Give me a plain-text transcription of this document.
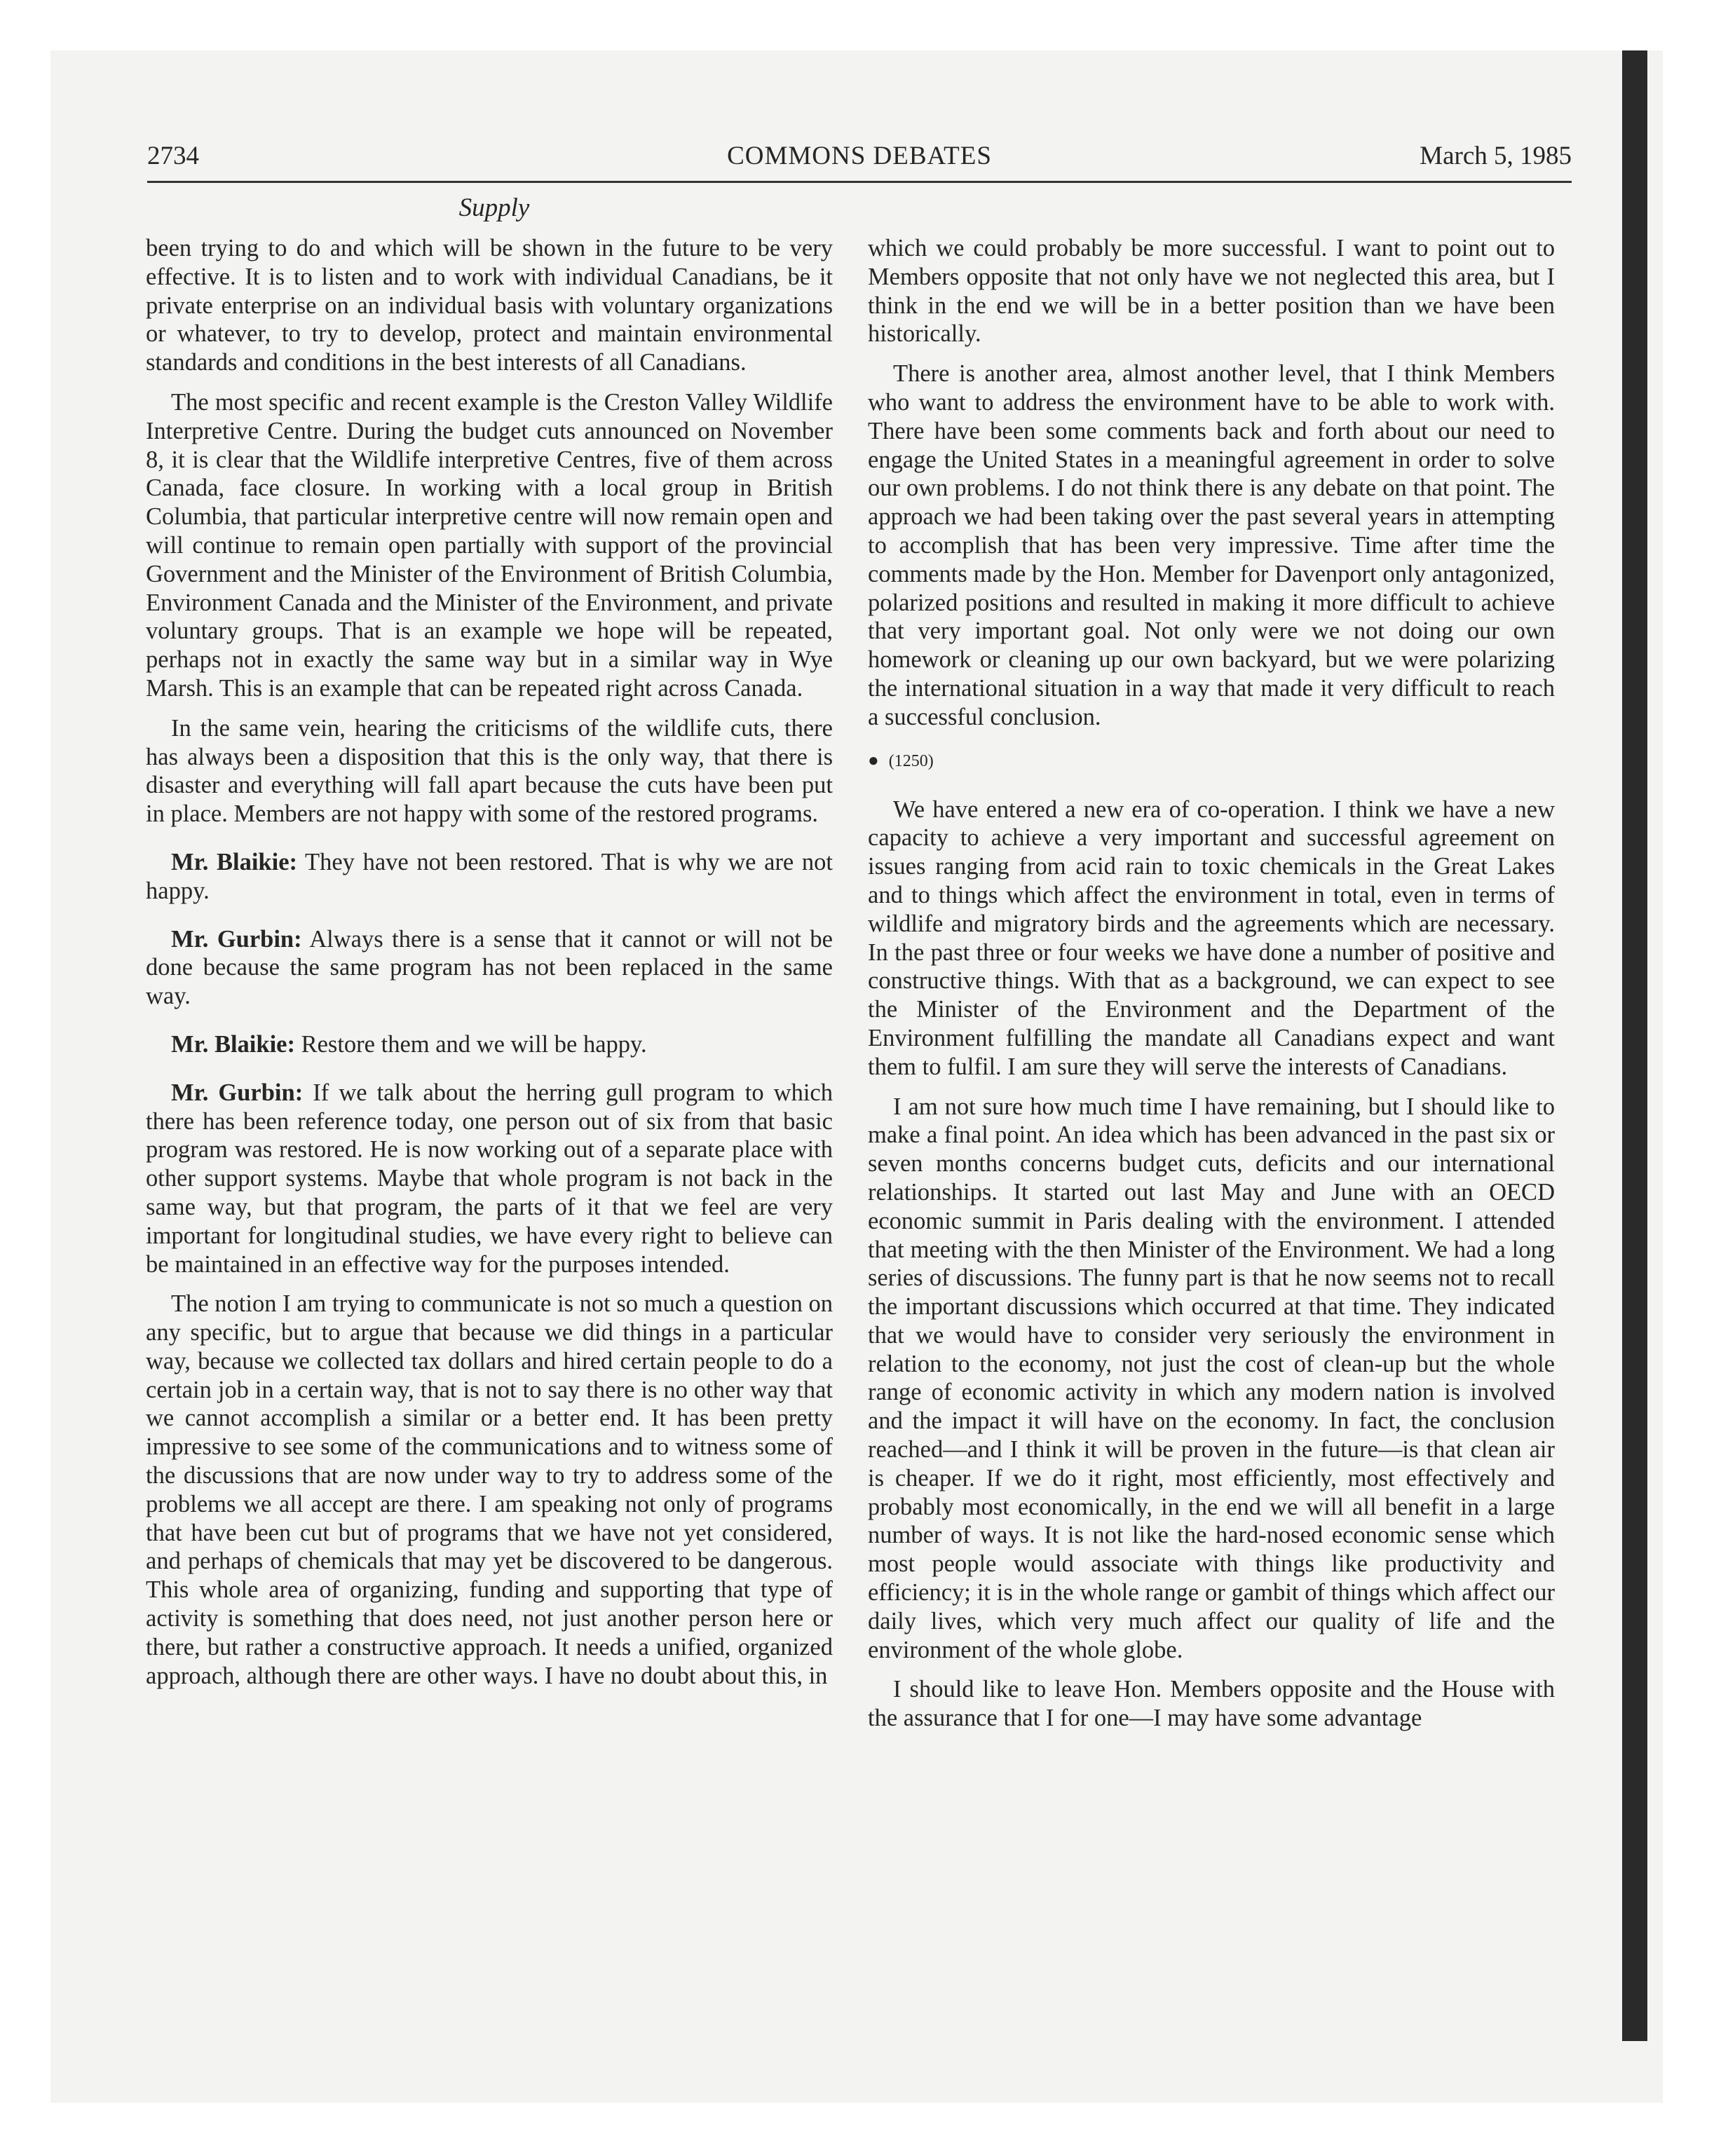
2734	COMMONS DEBATES	March 5, 1985
Supply

been trying to do and which will be shown in the future to be very effective. It is to listen and to work with individual Canadians, be it private enterprise on an individual basis with voluntary organizations or whatever, to try to develop, protect and maintain environmental standards and conditions in the best interests of all Canadians.

The most specific and recent example is the Creston Valley Wildlife Interpretive Centre. During the budget cuts announced on November 8, it is clear that the Wildlife interpretive Centres, five of them across Canada, face closure. In working with a local group in British Columbia, that particular interpretive centre will now remain open and will continue to remain open partially with support of the provincial Government and the Minister of the Environment of British Columbia, Environment Canada and the Minister of the Environment, and private voluntary groups. That is an example we hope will be repeated, perhaps not in exactly the same way but in a similar way in Wye Marsh. This is an example that can be repeated right across Canada.

In the same vein, hearing the criticisms of the wildlife cuts, there has always been a disposition that this is the only way, that there is disaster and everything will fall apart because the cuts have been put in place. Members are not happy with some of the restored programs.

Mr. Blaikie: They have not been restored. That is why we are not happy.

Mr. Gurbin: Always there is a sense that it cannot or will not be done because the same program has not been replaced in the same way.

Mr. Blaikie: Restore them and we will be happy.

Mr. Gurbin: If we talk about the herring gull program to which there has been reference today, one person out of six from that basic program was restored. He is now working out of a separate place with other support systems. Maybe that whole program is not back in the same way, but that program, the parts of it that we feel are very important for longitudinal studies, we have every right to believe can be maintained in an effective way for the purposes intended.

The notion I am trying to communicate is not so much a question on any specific, but to argue that because we did things in a particular way, because we collected tax dollars and hired certain people to do a certain job in a certain way, that is not to say there is no other way that we cannot accomplish a similar or a better end. It has been pretty impressive to see some of the communications and to witness some of the discussions that are now under way to try to address some of the problems we all accept are there. I am speaking not only of programs that have been cut but of programs that we have not yet considered, and perhaps of chemicals that may yet be discovered to be dangerous. This whole area of organizing, funding and supporting that type of activity is something that does need, not just another person here or there, but rather a constructive approach. It needs a unified, organized approach, although there are other ways. I have no doubt about this, in

which we could probably be more successful. I want to point out to Members opposite that not only have we not neglected this area, but I think in the end we will be in a better position than we have been historically.

There is another area, almost another level, that I think Members who want to address the environment have to be able to work with. There have been some comments back and forth about our need to engage the United States in a meaningful agreement in order to solve our own problems. I do not think there is any debate on that point. The approach we had been taking over the past several years in attempting to accomplish that has been very impressive. Time after time the comments made by the Hon. Member for Davenport only antagonized, polarized positions and resulted in making it more difficult to achieve that very important goal. Not only were we not doing our own homework or cleaning up our own backyard, but we were polarizing the international situation in a way that made it very difficult to reach a successful conclusion.

● (1250)

We have entered a new era of co-operation. I think we have a new capacity to achieve a very important and successful agreement on issues ranging from acid rain to toxic chemicals in the Great Lakes and to things which affect the environment in total, even in terms of wildlife and migratory birds and the agreements which are necessary. In the past three or four weeks we have done a number of positive and constructive things. With that as a background, we can expect to see the Minister of the Environment and the Department of the Environment fulfilling the mandate all Canadians expect and want them to fulfil. I am sure they will serve the interests of Canadians.

I am not sure how much time I have remaining, but I should like to make a final point. An idea which has been advanced in the past six or seven months concerns budget cuts, deficits and our international relationships. It started out last May and June with an OECD economic summit in Paris dealing with the environment. I attended that meeting with the then Minister of the Environment. We had a long series of discussions. The funny part is that he now seems not to recall the important discussions which occurred at that time. They indicated that we would have to consider very seriously the environment in relation to the economy, not just the cost of clean-up but the whole range of economic activity in which any modern nation is involved and the impact it will have on the economy. In fact, the conclusion reached—and I think it will be proven in the future—is that clean air is cheaper. If we do it right, most efficiently, most effectively and probably most economically, in the end we will all benefit in a large number of ways. It is not like the hard-nosed economic sense which most people would associate with things like productivity and efficiency; it is in the whole range or gambit of things which affect our daily lives, which very much affect our quality of life and the environment of the whole globe.

I should like to leave Hon. Members opposite and the House with the assurance that I for one—I may have some advantage
